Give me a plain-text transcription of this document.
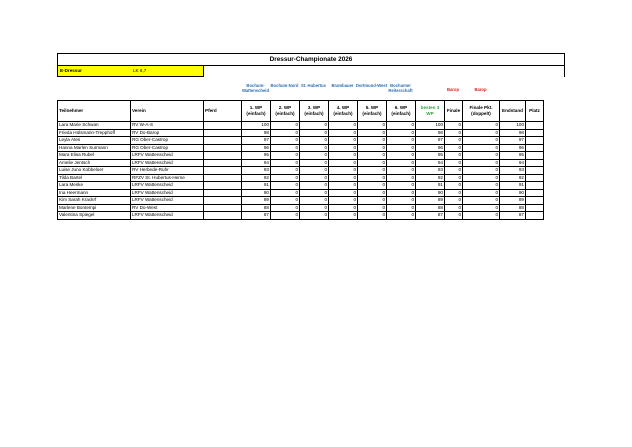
Dressur-Championate 2026
E-Dressur	LK 6,7
Bochum-Wattenscheid
Bochum-Nord St. Hubertus	Brambauer Dortmund-West Bochumer Reiterschaft	Barop	Barop
Teilnehmer	Verein	Pferd	1. WP (einfach)	2. WP (einfach)	3. WP (einfach)	4. WP (einfach)	5. WP (einfach)	6. WP (einfach)	besten 3 WP	Finale	Finale Pkt. (doppelt)	Endstand	Platz
Lara Marie Schwan	RV W-A-S		100	0	0	0	0	0	100	0	0	100	
Frieda Hülsmann-Trepphoff	RV Do-Barop		98	0	0	0	0	0	98	0	0	98	
Leyla Ates	RG Ober-Castrop		97	0	0	0	0	0	97	0	0	97	
Hanna Marlen Surmann	RG Ober-Castrop		96	0	0	0	0	0	96	0	0	96	
Mara Elisa Rubel	LRFV Wattenscheid		95	0	0	0	0	0	95	0	0	95	
Amelie Jentsch	LRFV Wattenscheid		94	0	0	0	0	0	94	0	0	94	
Luise Juno Kobbeloer	RV Herbede-Ruhr		93	0	0	0	0	0	93	0	0	93	
Tilda Bartel	RFZV St. Hubertus-Herne		92	0	0	0	0	0	92	0	0	92	
Lara Meske	LRFV Wattenscheid		91	0	0	0	0	0	91	0	0	91	
Ina Heermann	LRFV Wattenscheid		90	0	0	0	0	0	90	0	0	90	
Kim Sarah Krackrf	LRFV Wattenscheid		89	0	0	0	0	0	89	0	0	89	
Marlene Bontempi	RV Do-West		88	0	0	0	0	0	88	0	0	88	
Valentina Spiegel	LRFV Wattenscheid		87	0	0	0	0	0	87	0	0	87	
